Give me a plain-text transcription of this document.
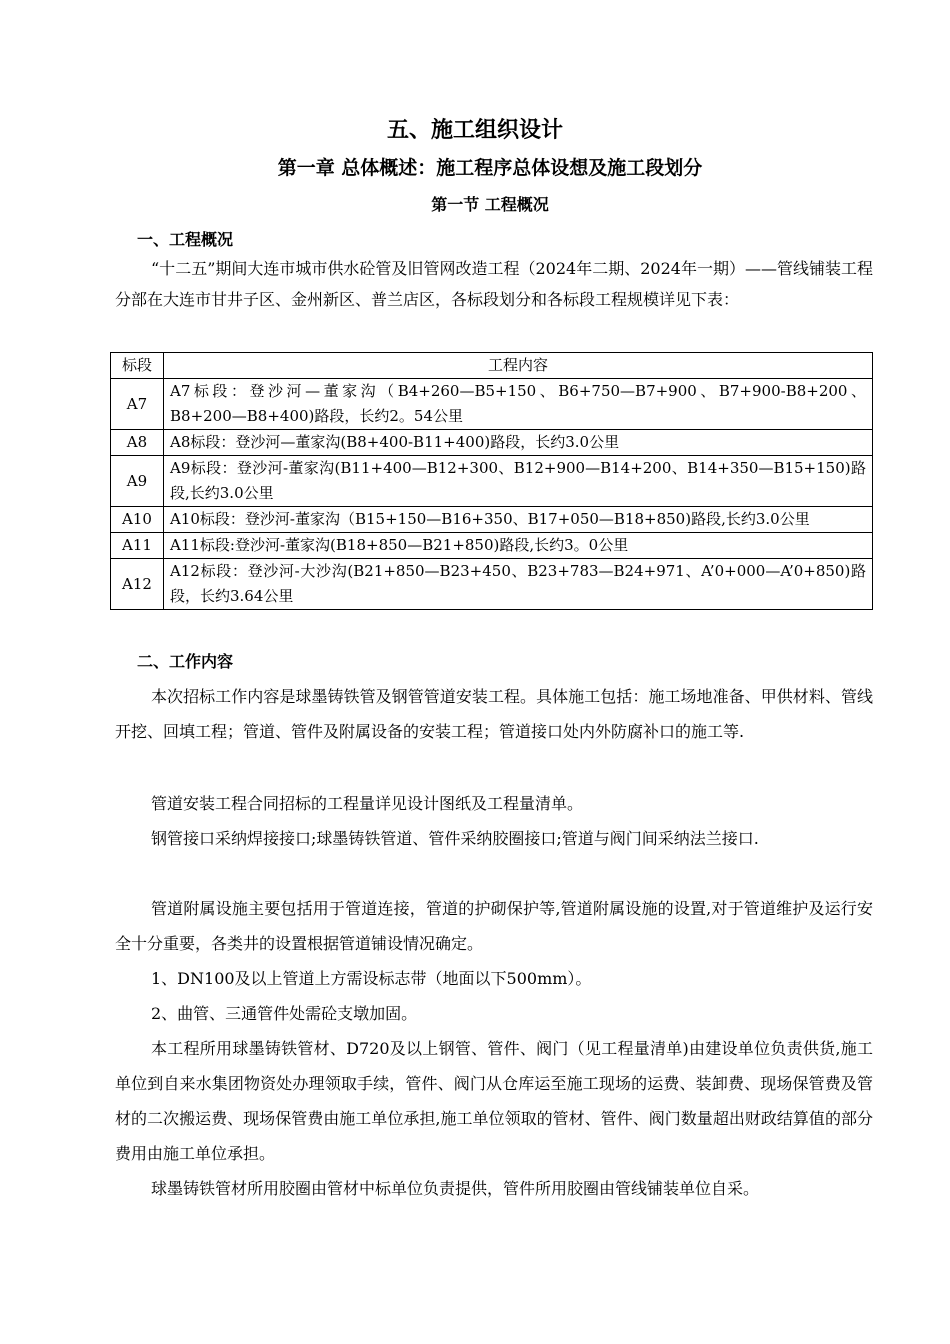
五、施工组织设计
第一章 总体概述：施工程序总体设想及施工段划分
第一节 工程概况
一、工程概况

“十二五”期间大连市城市供水砼管及旧管网改造工程（2024年二期、2024年一期）——管线铺装工程分部在大连市甘井子区、金州新区、普兰店区，各标段划分和各标段工程规模详见下表：

标段	工程内容
A7	A7标段：登沙河—董家沟（B4+260—B5+150、B6+750—B7+900、B7+900-B8+200、B8+200—B8+400)路段，长约2。54公里
A8	A8标段：登沙河—董家沟(B8+400-B11+400)路段，长约3.0公里
A9	A9标段：登沙河-董家沟(B11+400—B12+300、B12+900—B14+200、B14+350—B15+150)路段,长约3.0公里
A10	A10标段：登沙河-董家沟（B15+150—B16+350、B17+050—B18+850)路段,长约3.0公里
A11	A11标段:登沙河-董家沟(B18+850—B21+850)路段,长约3。0公里
A12	A12标段：登沙河-大沙沟(B21+850—B23+450、B23+783—B24+971、A’0+000—A’0+850)路段，长约3.64公里
二、工作内容

本次招标工作内容是球墨铸铁管及钢管管道安装工程。具体施工包括：施工场地准备、甲供材料、管线开挖、回填工程；管道、管件及附属设备的安装工程；管道接口处内外防腐补口的施工等.

管道安装工程合同招标的工程量详见设计图纸及工程量清单。

钢管接口采纳焊接接口;球墨铸铁管道、管件采纳胶圈接口;管道与阀门间采纳法兰接口.

管道附属设施主要包括用于管道连接，管道的护砌保护等,管道附属设施的设置,对于管道维护及运行安全十分重要，各类井的设置根据管道铺设情况确定。

1、DN100及以上管道上方需设标志带（地面以下500mm）。

2、曲管、三通管件处需砼支墩加固。

本工程所用球墨铸铁管材、D720及以上钢管、管件、阀门（见工程量清单)由建设单位负责供货,施工单位到自来水集团物资处办理领取手续，管件、阀门从仓库运至施工现场的运费、装卸费、现场保管费及管材的二次搬运费、现场保管费由施工单位承担,施工单位领取的管材、管件、阀门数量超出财政结算值的部分费用由施工单位承担。

球墨铸铁管材所用胶圈由管材中标单位负责提供，管件所用胶圈由管线铺装单位自采。
